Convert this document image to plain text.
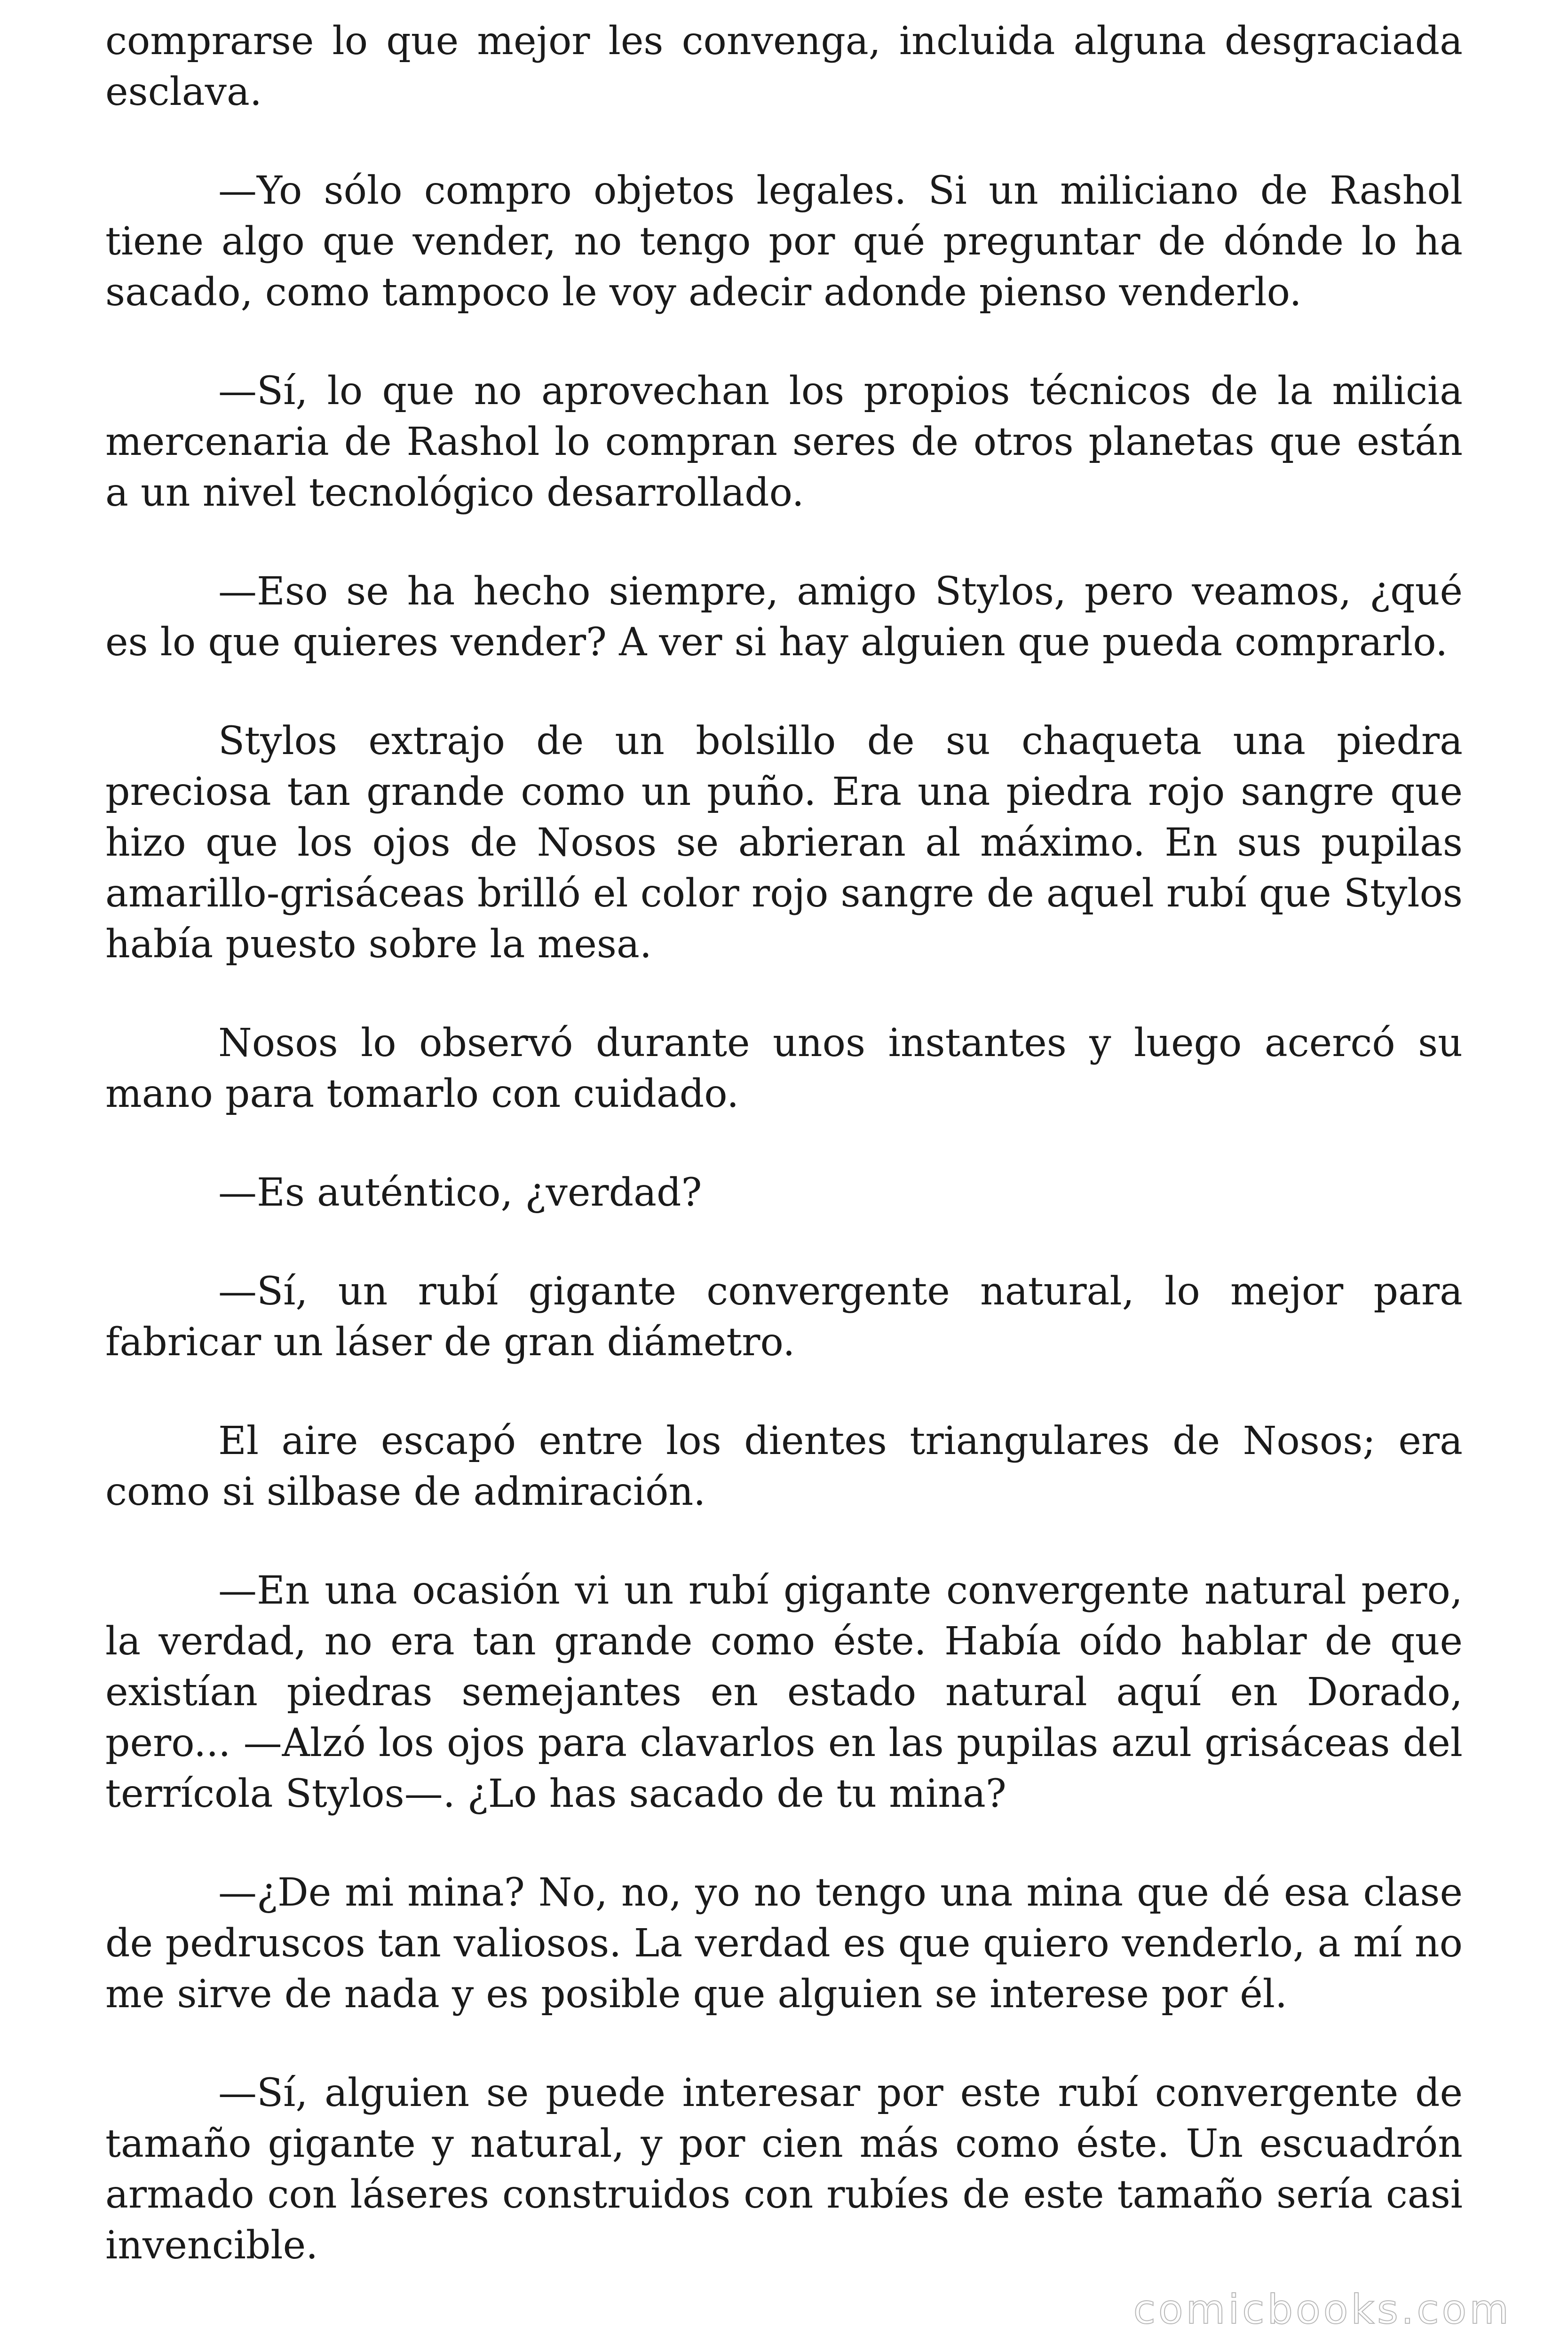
comprarse lo que mejor les convenga, incluida alguna desgraciada esclava.

—Yo sólo compro objetos legales. Si un miliciano de Rashol tiene algo que vender, no tengo por qué preguntar de dónde lo ha sacado, como tampoco le voy adecir adonde pienso venderlo.

—Sí, lo que no aprovechan los propios técnicos de la milicia mercenaria de Rashol lo compran seres de otros planetas que están a un nivel tecnológico desarrollado.

—Eso se ha hecho siempre, amigo Stylos, pero veamos, ¿qué es lo que quieres vender? A ver si hay alguien que pueda comprarlo.

Stylos extrajo de un bolsillo de su chaqueta una piedra preciosa tan grande como un puño. Era una piedra rojo sangre que hizo que los ojos de Nosos se abrieran al máximo. En sus pupilas amarillo-grisáceas brilló el color rojo sangre de aquel rubí que Stylos había puesto sobre la mesa.

Nosos lo observó durante unos instantes y luego acercó su mano para tomarlo con cuidado.

—Es auténtico, ¿verdad?

—Sí, un rubí gigante convergente natural, lo mejor para fabricar un láser de gran diámetro.

El aire escapó entre los dientes triangulares de Nosos; era como si silbase de admiración.

—En una ocasión vi un rubí gigante convergente natural pero, la verdad, no era tan grande como éste. Había oído hablar de que existían piedras semejantes en estado natural aquí en Dorado, pero... —Alzó los ojos para clavarlos en las pupilas azul grisáceas del terrícola Stylos—. ¿Lo has sacado de tu mina?

—¿De mi mina? No, no, yo no tengo una mina que dé esa clase de pedruscos tan valiosos. La verdad es que quiero venderlo, a mí no me sirve de nada y es posible que alguien se interese por él.

—Sí, alguien se puede interesar por este rubí convergente de tamaño gigante y natural, y por cien más como éste. Un escuadrón armado con láseres construidos con rubíes de este tamaño sería casi invencible.

comicbooks.com
